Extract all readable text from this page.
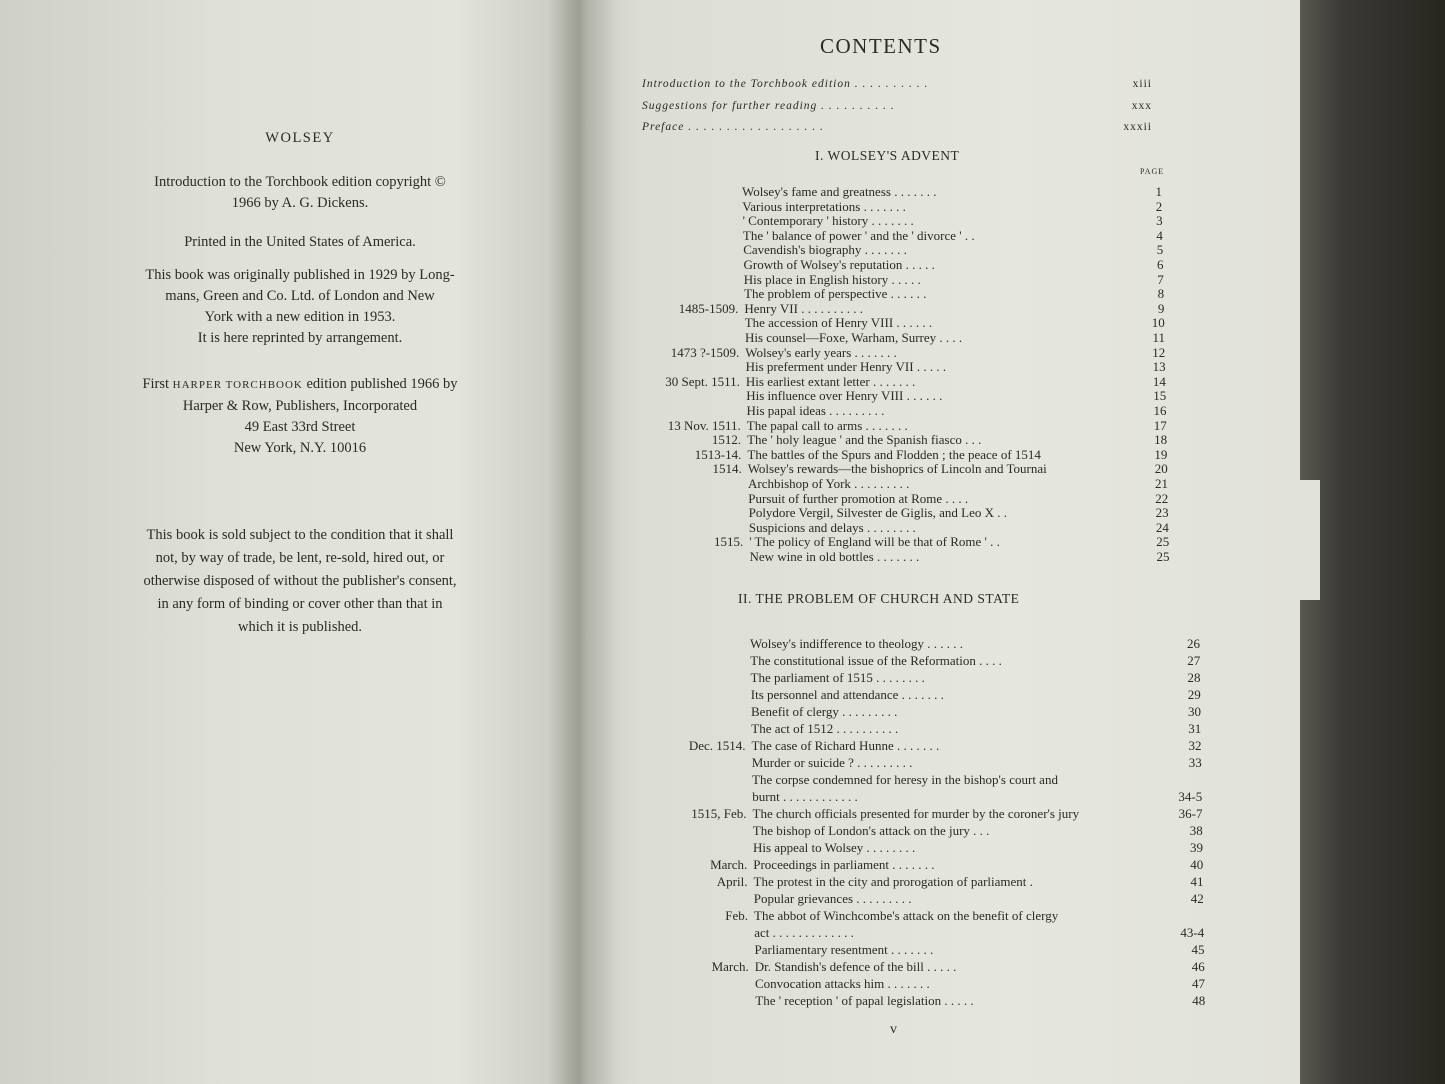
WOLSEY
Introduction to the Torchbook edition copyright ©
1966 by A. G. Dickens.
Printed in the United States of America.
This book was originally published in 1929 by Long-
mans, Green and Co. Ltd. of London and New
York with a new edition in 1953.
It is here reprinted by arrangement.
First HARPER TORCHBOOK edition published 1966 by
Harper & Row, Publishers, Incorporated
49 East 33rd Street
New York, N.Y. 10016
This book is sold subject to the condition that it shall
not, by way of trade, be lent, re-sold, hired out, or
otherwise disposed of without the publisher's consent,
in any form of binding or cover other than that in
which it is published.
CONTENTS
Introduction to the Torchbook edition . . . . . . . . . .	xiii
Suggestions for further reading . . . . . . . . . .	xxx
Preface . . . . . . . . . . . . . . . . . .	xxxii
I. WOLSEY'S ADVENT
PAGE
Wolsey's fame and greatness . . . . . . .	1
Various interpretations . . . . . . .	2
' Contemporary ' history . . . . . . .	3
The ' balance of power ' and the ' divorce ' . .	4
Cavendish's biography . . . . . . .	5
Growth of Wolsey's reputation . . . . .	6
His place in English history . . . . .	7
The problem of perspective . . . . . .	8
1485-1509. Henry VII . . . . . . . . . .	9
The accession of Henry VIII . . . . . .	10
His counsel—Foxe, Warham, Surrey . . . .	11
1473 ?-1509. Wolsey's early years . . . . . . .	12
His preferment under Henry VII . . . . .	13
30 Sept. 1511. His earliest extant letter . . . . . . .	14
His influence over Henry VIII . . . . . .	15
His papal ideas . . . . . . . . .	16
13 Nov. 1511. The papal call to arms . . . . . . .	17
1512. The ' holy league ' and the Spanish fiasco . . .	18
1513-14. The battles of the Spurs and Flodden ; the peace of 1514	19
1514. Wolsey's rewards—the bishoprics of Lincoln and Tournai	20
Archbishop of York . . . . . . . . .	21
Pursuit of further promotion at Rome . . . .	22
Polydore Vergil, Silvester de Giglis, and Leo X . .	23
Suspicions and delays . . . . . . . .	24
1515. ' The policy of England will be that of Rome ' . .	25
New wine in old bottles . . . . . . .	25
II. THE PROBLEM OF CHURCH AND STATE
Wolsey's indifference to theology . . . . . .	26
The constitutional issue of the Reformation . . . .	27
The parliament of 1515 . . . . . . . .	28
Its personnel and attendance . . . . . . .	29
Benefit of clergy . . . . . . . . .	30
The act of 1512 . . . . . . . . . .	31
Dec. 1514. The case of Richard Hunne . . . . . . .	32
Murder or suicide ? . . . . . . . . .	33
The corpse condemned for heresy in the bishop's court and
burnt . . . . . . . . . . . .	34-5
1515, Feb. The church officials presented for murder by the coroner's jury	36-7
The bishop of London's attack on the jury . . .	38
His appeal to Wolsey . . . . . . . .	39
March. Proceedings in parliament . . . . . . .	40
April. The protest in the city and prorogation of parliament .	41
Popular grievances . . . . . . . . .	42
Feb. The abbot of Winchcombe's attack on the benefit of clergy
act . . . . . . . . . . . . .	43-4
Parliamentary resentment . . . . . . .	45
March. Dr. Standish's defence of the bill . . . . .	46
Convocation attacks him . . . . . . .	47
The ' reception ' of papal legislation . . . . .	48
v
